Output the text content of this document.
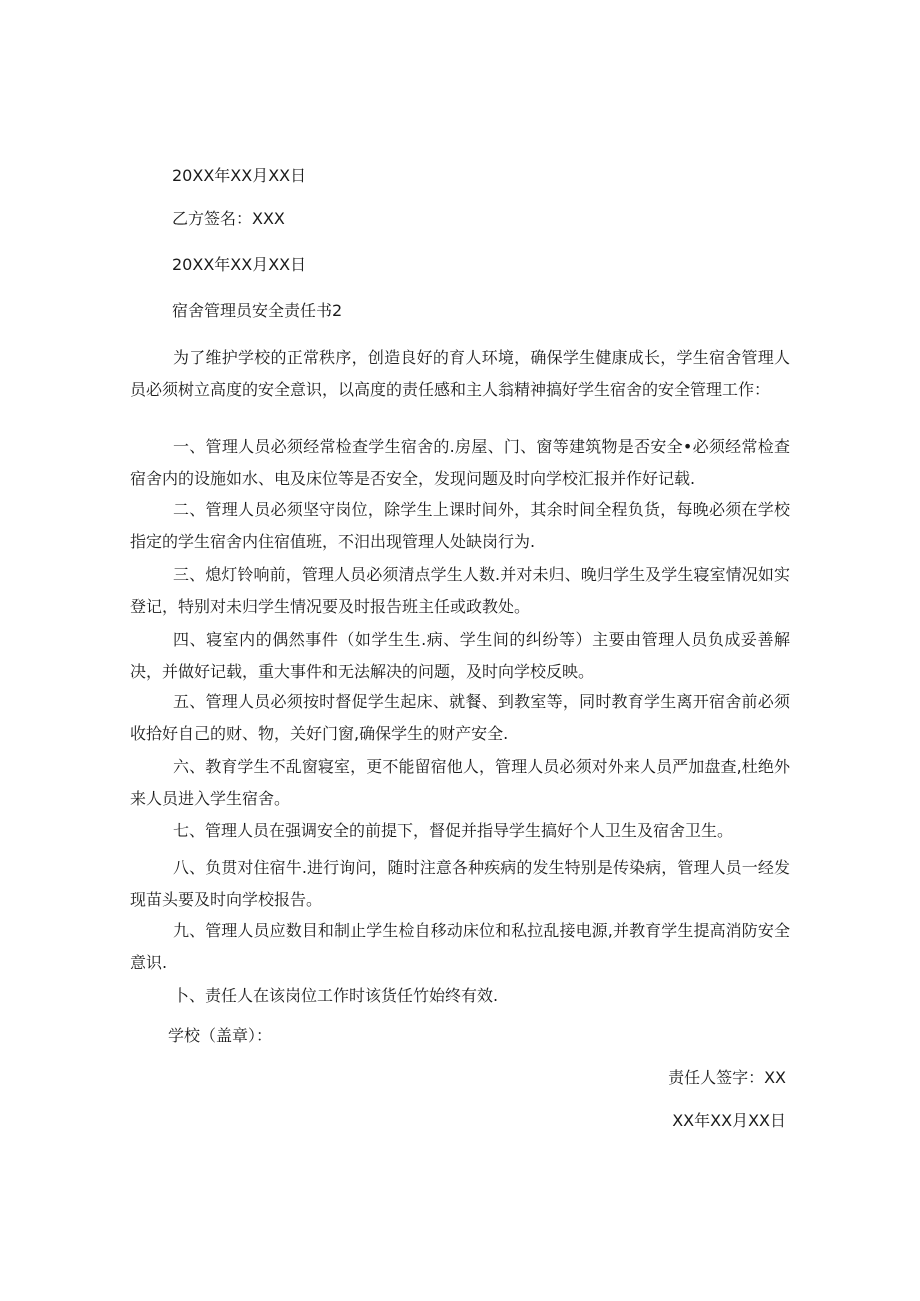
20XX年XX月XX日
乙方签名：XXX
20XX年XX月XX日
宿舍管理员安全责任书2
为了维护学校的正常秩序，创造良好的育人环境，确保学生健康成长，学生宿舍管理人员必须树立高度的安全意识，以高度的责任感和主人翁精神搞好学生宿舍的安全管理工作：
一、管理人员必须经常检查学生宿舍的.房屋、门、窗等建筑物是否安全•必须经常检查宿舍内的设施如水、电及床位等是否安全，发现问题及时向学校汇报并作好记载.
二、管理人员必须坚守岗位，除学生上课时间外，其余时间全程负货，每晚必须在学校指定的学生宿舍内住宿值班，不汨出现管理人处缺岗行为.
三、熄灯铃响前，管理人员必须清点学生人数.并对未归、晚归学生及学生寝室情况如实登记，特别对未归学生情况要及时报告班主任或政教处。
四、寝室内的偶然事件（如学生生.病、学生间的纠纷等）主要由管理人员负成妥善解决，并做好记载，重大事件和无法解决的问题，及时向学校反映。
五、管理人员必须按时督促学生起床、就餐、到教室等，同时教育学生离开宿舍前必须收拾好自己的财、物，关好门窗,确保学生的财产安全.
六、教育学生不乱窗寝室，更不能留宿他人，管理人员必须对外来人员严加盘查,杜绝外来人员进入学生宿舍。
七、管理人员在强调安全的前提下，督促并指导学生搞好个人卫生及宿舍卫生。
八、负贯对住宿牛.进行询问，随时注意各种疾病的发生特别是传染病，管理人员一经发现苗头要及时向学校报告。
九、管理人员应数目和制止学生检自移动床位和私拉乱接电源,并教育学生提高消防安全意识.
卜、责任人在该岗位工作时该货任竹始终有效.
学校（盖章）：
责任人签字：XX
XX年XX月XX日
